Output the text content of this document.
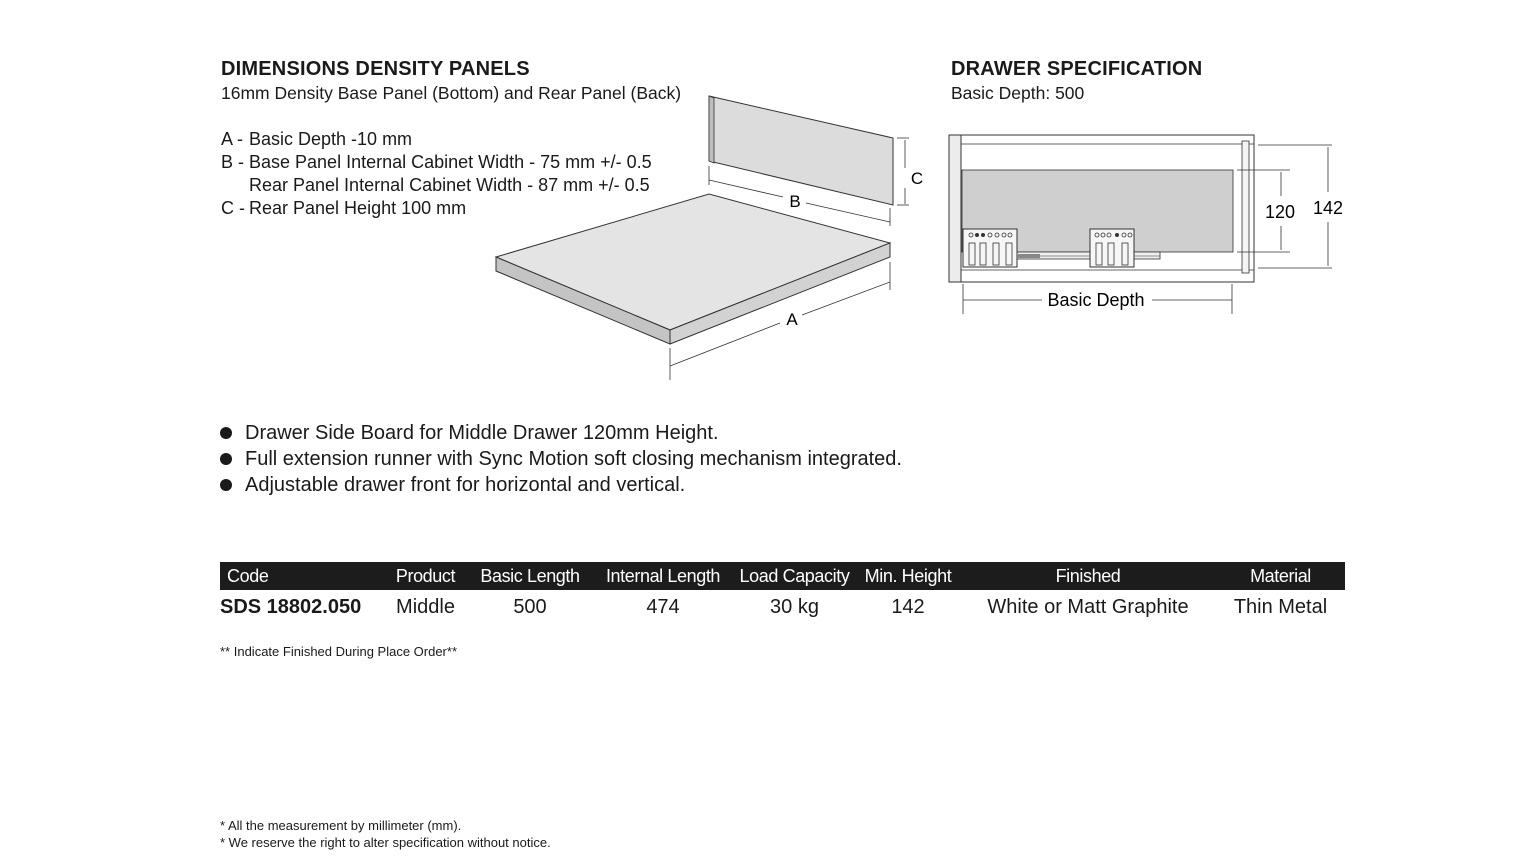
DIMENSIONS DENSITY PANELS
16mm Density Base Panel (Bottom) and Rear Panel (Back)
A - Basic Depth -10 mm
B - Base Panel Internal Cabinet Width - 75 mm +/- 0.5
Rear Panel Internal Cabinet Width - 87 mm +/- 0.5
C - Rear Panel Height 100 mm
C
B
A
DRAWER SPECIFICATION
Basic Depth: 500
120 142
Basic Depth
Drawer Side Board for Middle Drawer 120mm Height.
Full extension runner with Sync Motion soft closing mechanism integrated.
Adjustable drawer front for horizontal and vertical.
Code	Product	Basic Length	Internal Length	Load Capacity	Min. Height	Finished	Material
SDS 18802.050	Middle	500	474	30 kg	142	White or Matt Graphite	Thin Metal
** Indicate Finished During Place Order**
* All the measurement by millimeter (mm).
* We reserve the right to alter specification without notice.
